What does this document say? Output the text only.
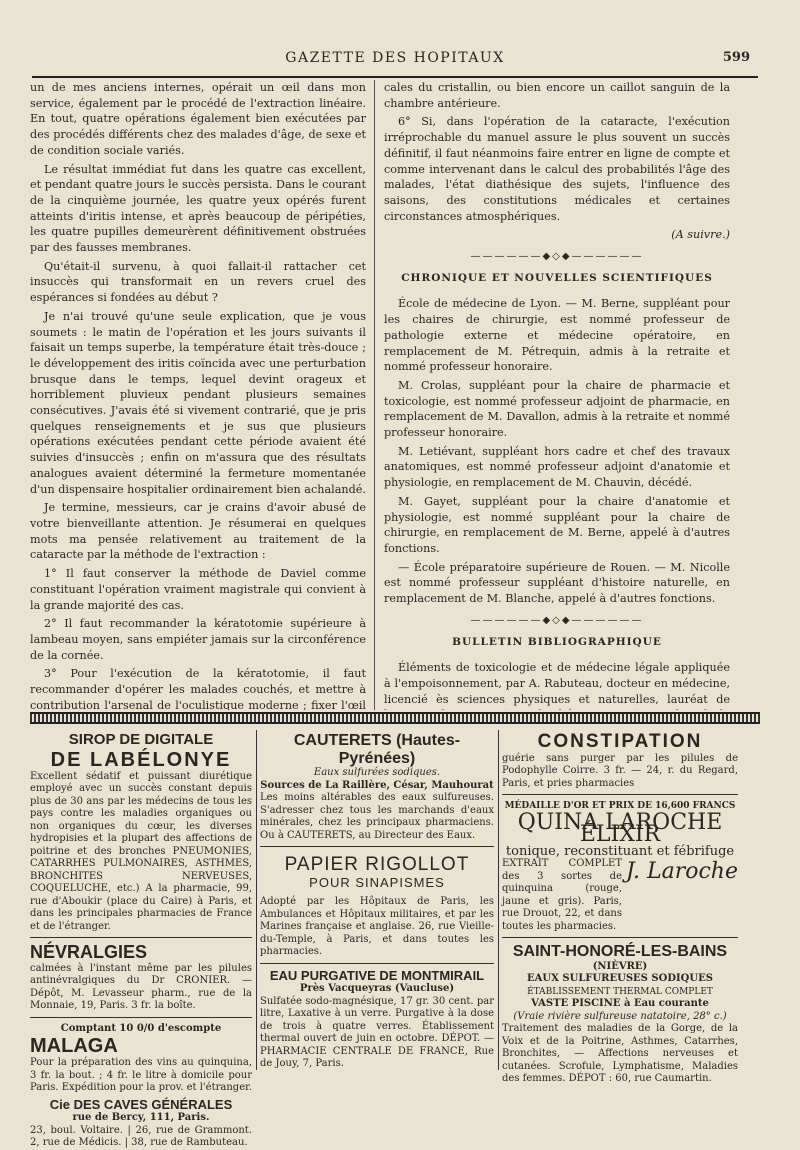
GAZETTE DES HOPITAUX	599

un de mes anciens internes, opérait un œil dans mon service, également par le procédé de l'extraction linéaire. En tout, quatre opérations également bien exécutées par des procédés différents chez des malades d'âge, de sexe et de condition sociale variés.

Le résultat immédiat fut dans les quatre cas excellent, et pendant quatre jours le succès persista. Dans le courant de la cinquième journée, les quatre yeux opérés furent atteints d'iritis intense, et après beaucoup de péripéties, les quatre pupilles demeurèrent définitivement obstruées par des fausses membranes.

Qu'était-il survenu, à quoi fallait-il rattacher cet insuccès qui transformait en un revers cruel des espérances si fondées au début ?

Je n'ai trouvé qu'une seule explication, que je vous soumets : le matin de l'opération et les jours suivants il faisait un temps superbe, la température était très-douce ; le développement des iritis coïncida avec une perturbation brusque dans le temps, lequel devint orageux et horriblement pluvieux pendant plusieurs semaines consécutives. J'avais été si vivement contrarié, que je pris quelques renseignements et je sus que plusieurs opérations exécutées pendant cette période avaient été suivies d'insuccès ; enfin on m'assura que des résultats analogues avaient déterminé la fermeture momentanée d'un dispensaire hospitalier ordinairement bien achalandé.

Je termine, messieurs, car je crains d'avoir abusé de votre bienveillante attention. Je résumerai en quelques mots ma pensée relativement au traitement de la cataracte par la méthode de l'extraction :

1° Il faut conserver la méthode de Daviel comme constituant l'opération vraiment magistrale qui convient à la grande majorité des cas.

2° Il faut recommander la kératotomie supérieure à lambeau moyen, sans empiéter jamais sur la circonférence de la cornée.

3° Pour l'exécution de la kératotomie, il faut recommander d'opérer les malades couchés, et mettre à contribution l'arsenal de l'oculistique moderne ; fixer l'œil

cales du cristallin, ou bien encore un caillot sanguin de la chambre antérieure.

6° Si, dans l'opération de la cataracte, l'exécution irréprochable du manuel assure le plus souvent un succès définitif, il faut néanmoins faire entrer en ligne de compte et comme intervenant dans le calcul des probabilités l'âge des malades, l'état diathésique des sujets, l'influence des saisons, des constitutions médicales et certaines circonstances atmosphériques.

(A suivre.)

——————◆◇◆——————
CHRONIQUE ET NOUVELLES SCIENTIFIQUES

École de médecine de Lyon. — M. Berne, suppléant pour les chaires de chirurgie, est nommé professeur de pathologie externe et médecine opératoire, en remplacement de M. Pétrequin, admis à la retraite et nommé professeur honoraire.

M. Crolas, suppléant pour la chaire de pharmacie et toxicologie, est nommé professeur adjoint de pharmacie, en remplacement de M. Davallon, admis à la retraite et nommé professeur honoraire.

M. Letiévant, suppléant hors cadre et chef des travaux anatomiques, est nommé professeur adjoint d'anatomie et physiologie, en remplacement de M. Chauvin, décédé.

M. Gayet, suppléant pour la chaire d'anatomie et physiologie, est nommé suppléant pour la chaire de chirurgie, en remplacement de M. Berne, appelé à d'autres fonctions.

— École préparatoire supérieure de Rouen. — M. Nicolle est nommé professeur suppléant d'histoire naturelle, en remplacement de M. Blanche, appelé à d'autres fonctions.

——————◆◇◆——————
BULLETIN BIBLIOGRAPHIQUE

Éléments de toxicologie et de médecine légale appliquée à l'empoisonnement, par A. Rabuteau, docteur en médecine, licencié ès sciences physiques et naturelles, lauréat de

SIROP DE DIGITALE
DE LABÉLONYE
Excellent sédatif et puissant diurétique employé avec un succès constant depuis plus de 30 ans par les médecins de tous les pays contre les maladies organiques ou non organiques du cœur, les diverses hydropisies et la plupart des affections de poitrine et des bronches PNEUMONIES, CATARRHES PULMONAIRES, ASTHMES, BRONCHITES NERVEUSES, COQUELUCHE, etc.) A la pharmacie, 99, rue d'Aboukir (place du Caire) à Paris, et dans les principales pharmacies de France et de l'étranger.
NÉVRALGIES
calmées à l'instant même par les pilules antinévralgiques du Dr CRONIER. — Dépôt, M. Levasseur pharm., rue de la Monnaie, 19, Paris. 3 fr. la boîte.
Comptant 10 0/0 d'escompte
MALAGA
Pour la préparation des vins au quinquina, 3 fr. la bout. ; 4 fr. le litre à domicile pour Paris. Expédition pour la prov. et l'étranger.
Cie DES CAVES GÉNÉRALES
rue de Bercy, 111, Paris.
23, boul. Voltaire. | 26, rue de Grammont. 2, rue de Médicis. | 38, rue de Rambuteau.
CAUTERETS (Hautes-Pyrénées)
Eaux sulfurées sodiques.
Sources de La Raillère, César, Mauhourat
Les moins altérables des eaux sulfureuses. S'adresser chez tous les marchands d'eaux minérales, chez les principaux pharmaciens. Ou à CAUTERETS, au Directeur des Eaux.
PAPIER RIGOLLOT
POUR SINAPISMES
Adopté par les Hôpitaux de Paris, les Ambulances et Hôpitaux militaires, et par les Marines française et anglaise. 26, rue Vieille-du-Temple, à Paris, et dans toutes les pharmacies.
EAU PURGATIVE DE MONTMIRAIL
Près Vacqueyras (Vaucluse)
Sulfatée sodo-magnésique, 17 gr. 30 cent. par litre, Laxative à un verre. Purgative à la dose de trois à quatre verres. Établissement thermal ouvert de juin en octobre. DÉPOT. — PHARMACIE CENTRALE DE FRANCE, Rue de Jouy, 7, Paris.
CONSTIPATION
guérie sans purger par les pilules de Podophylle Coirre. 3 fr. — 24, r. du Regard, Paris, et pries pharmacies
MÉDAILLE D'OR ET PRIX DE 16,600 FRANCS
QUINA LAROCHE ÉLIXIR
tonique, reconstituant et fébrifuge
EXTRAIT COMPLET des 3 sortes de quinquina (rouge, jaune et gris). Paris, rue Drouot, 22, et dans toutes les pharmacies.
J. Laroche
SAINT-HONORÉ-LES-BAINS
(NIÈVRE)
EAUX SULFUREUSES SODIQUES
ÉTABLISSEMENT THERMAL COMPLET
VASTE PISCINE à Eau courante
(Vraie rivière sulfureuse natatoire, 28° c.)
Traitement des maladies de la Gorge, de la Voix et de la Poitrine, Asthmes, Catarrhes, Bronchites, — Affections nerveuses et cutanées. Scrofule, Lymphatisme, Maladies des femmes. DÉPOT : 60, rue Caumartin.
